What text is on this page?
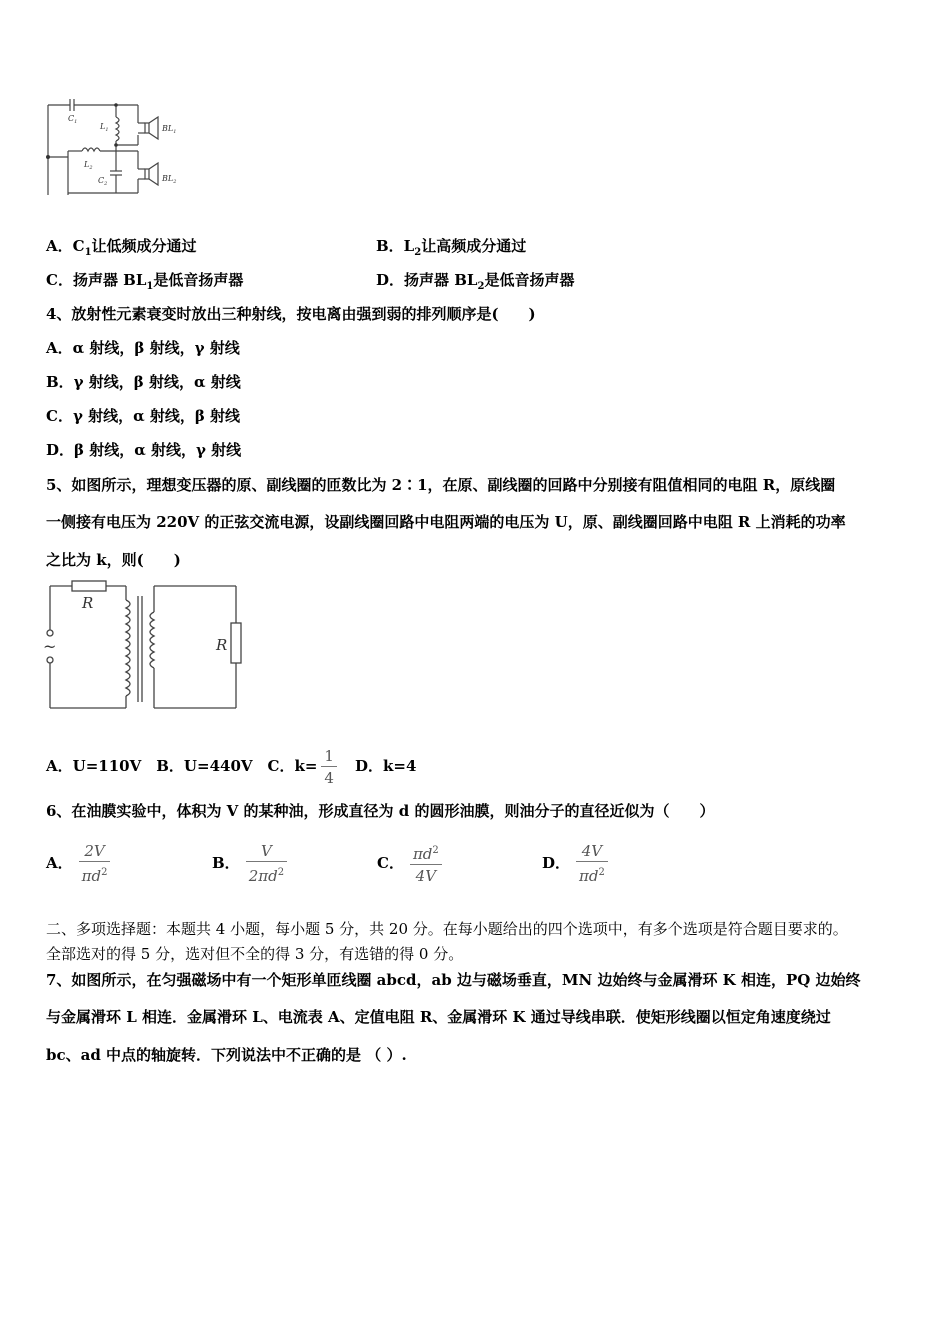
$C_1$	$L_1$	$BL_1$
$L_2$
$C_2$
$BL_2$
A．$C_1$让低频成分通过	B．$L_2$让高频成分通过
C．扬声器 $BL_1$是低音扬声器	D．扬声器 $BL_2$是低音扬声器
4、放射性元素衰变时放出三种射线，按电离由强到弱的排列顺序是(　　)
A．α 射线，β 射线，γ 射线
B．γ 射线，β 射线，α 射线
C．γ 射线，α 射线，β 射线
D．β 射线，α 射线，γ 射线
5、如图所示，理想变压器的原、副线圈的匝数比为 2∶1，在原、副线圈的回路中分别接有阻值相同的电阻 R，原线圈
一侧接有电压为 220V 的正弦交流电源，设副线圈回路中电阻两端的电压为 U，原、副线圈回路中电阻 R 上消耗的功率
之比为 k，则(　　)
R
R
~
A．U=110V　B．U=440V　C．$k= \frac{1}{4}$ D．k=4
6、在油膜实验中，体积为 V 的某种油，形成直径为 d 的圆形油膜，则油分子的直径近似为（　　）
A． $\frac{2V}{\pi d^2}$	B． $\frac{V}{2\pi d^2}$	C． $\frac{\pi d^2}{4V}$	D． $\frac{4V}{\pi d^2}$
二、多项选择题：本题共 4 小题，每小题 5 分，共 20 分。在每小题给出的四个选项中，有多个选项是符合题目要求的。
全部选对的得 5 分，选对但不全的得 3 分，有选错的得 0 分。
7、如图所示，在匀强磁场中有一个矩形单匝线圈 abcd，ab 边与磁场垂直，MN 边始终与金属滑环 K 相连，PQ 边始终
与金属滑环 L 相连．金属滑环 L、电流表 A、定值电阻 R、金属滑环 K 通过导线串联．使矩形线圈以恒定角速度绕过
bc、ad 中点的轴旋转．下列说法中不正确的是 （ ）.
